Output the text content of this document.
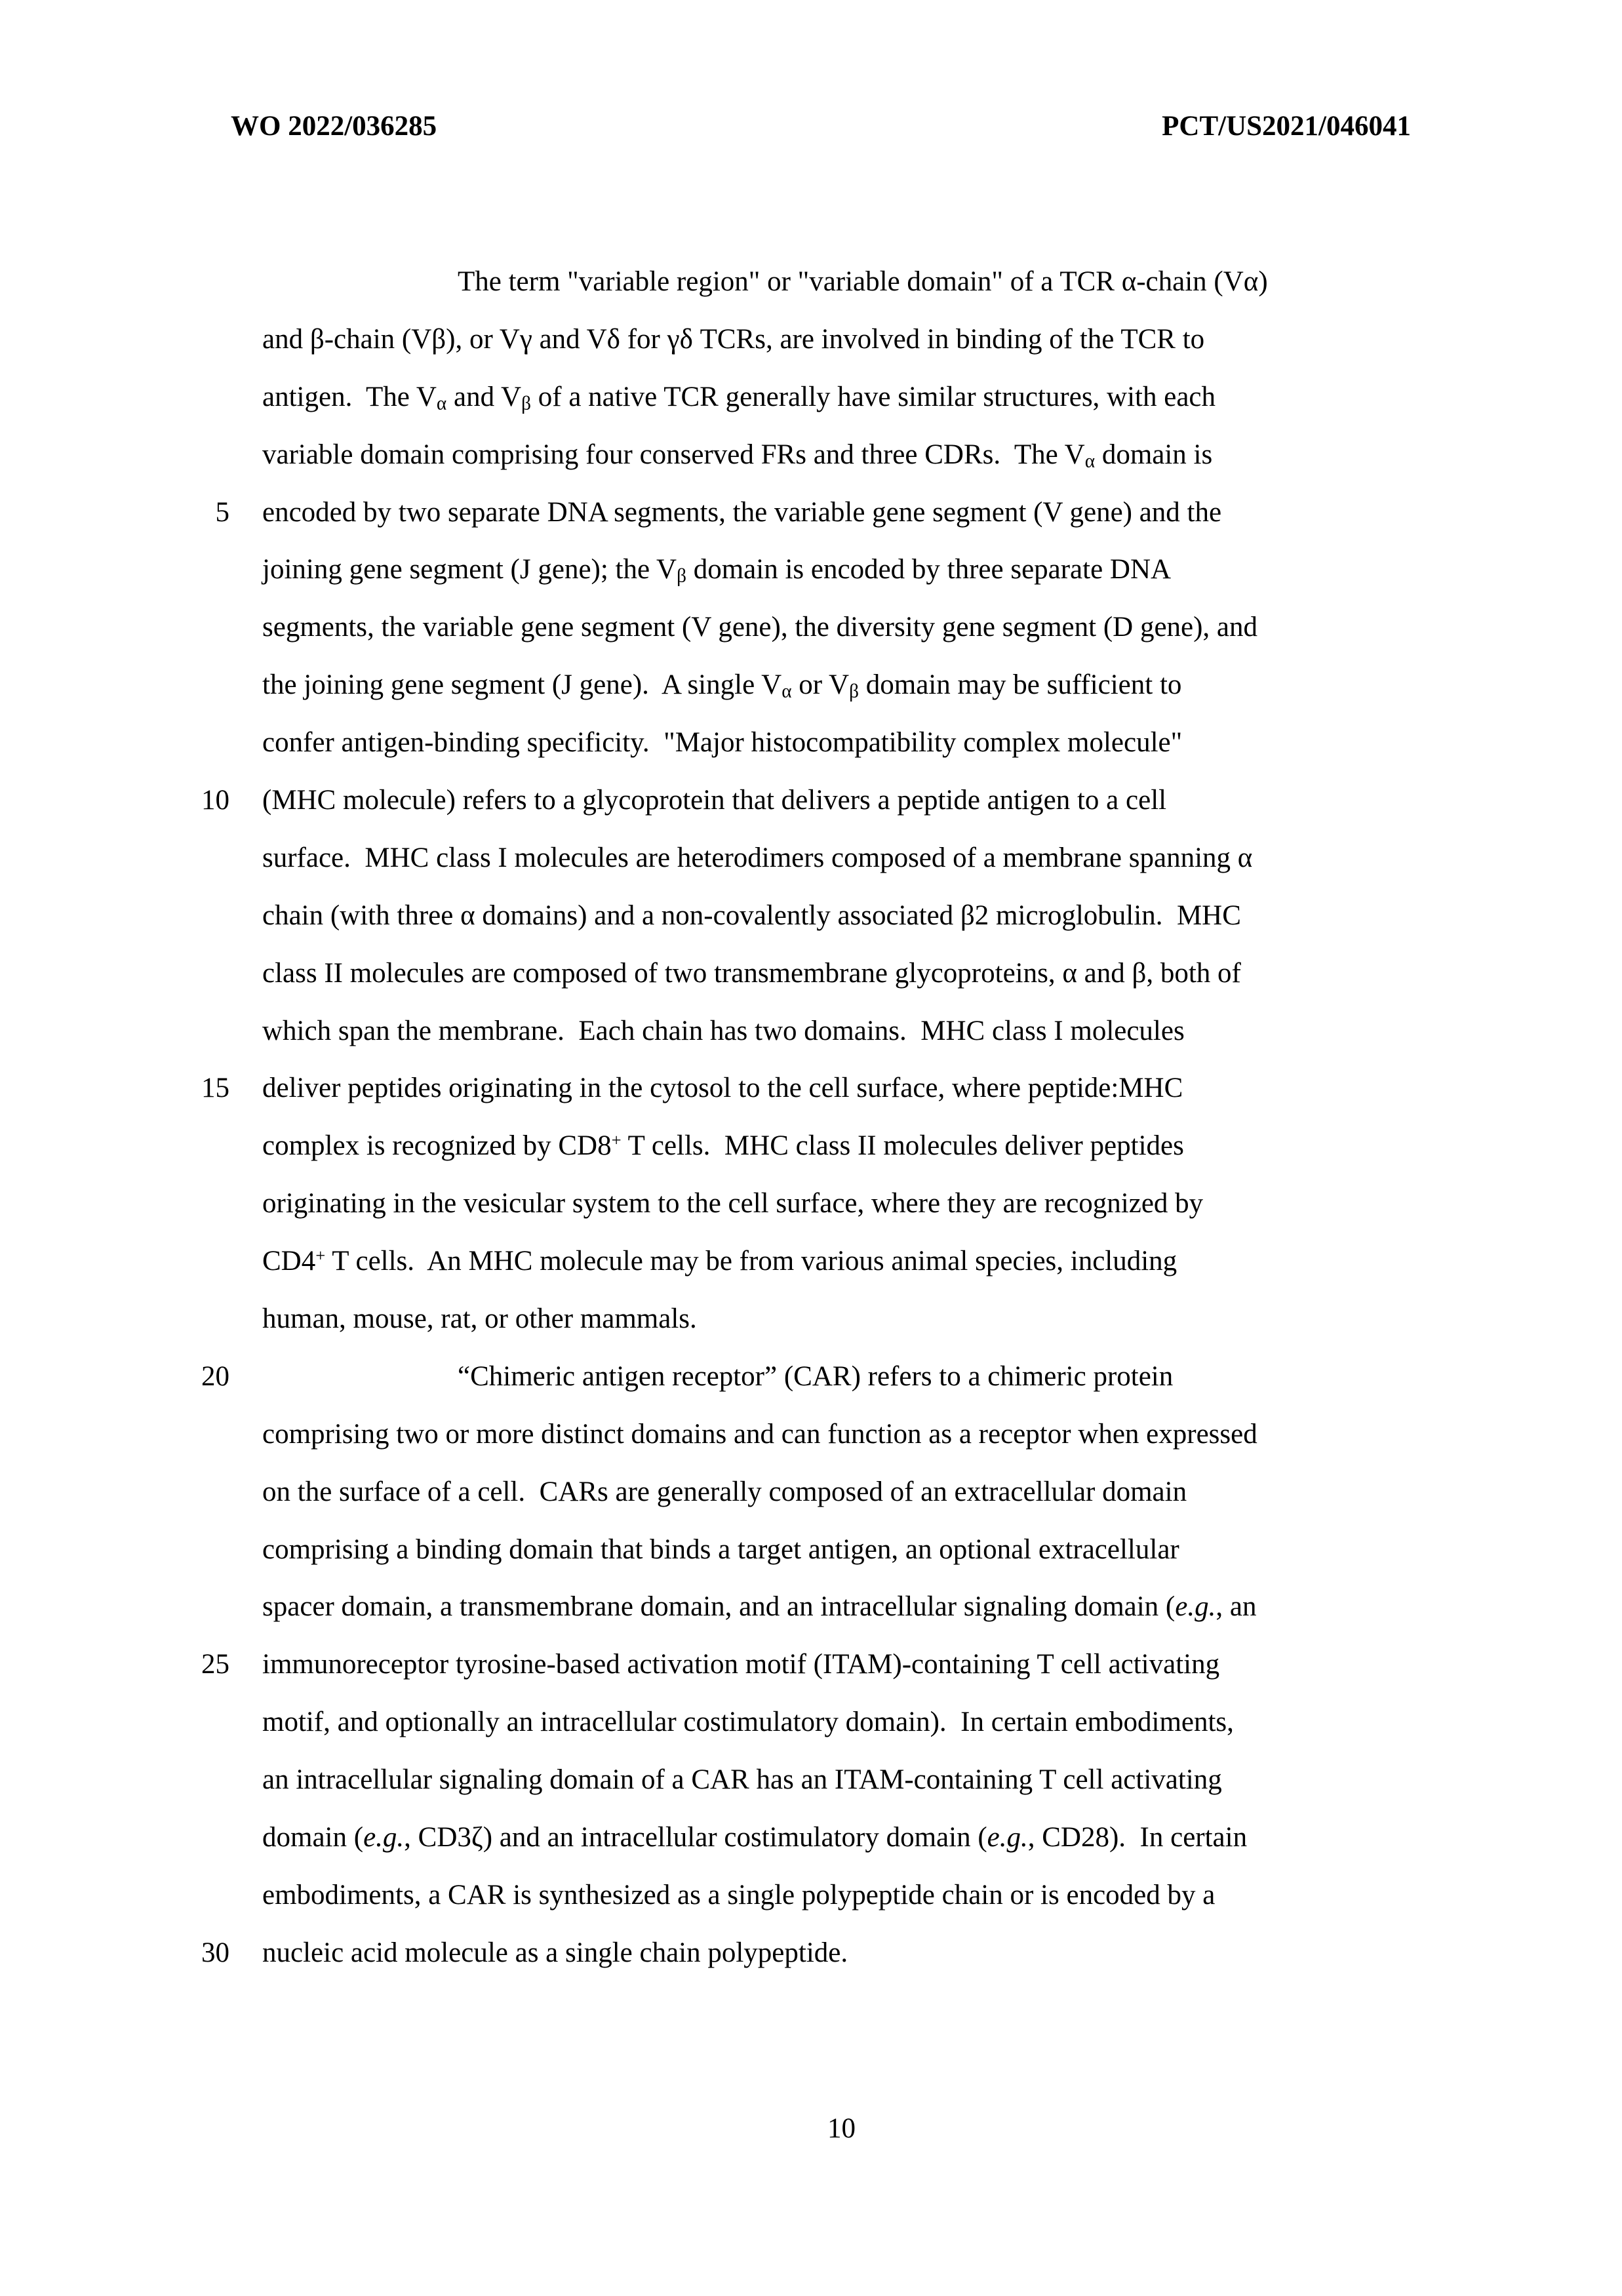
WO 2022/036285	PCT/US2021/046041
The term "variable region" or "variable domain" of a TCR α-chain (Vα)
and β-chain (Vβ), or Vγ and Vδ for γδ TCRs, are involved in binding of the TCR to
antigen.  The $V_\alpha$ and $V_\beta$ of a native TCR generally have similar structures, with each
variable domain comprising four conserved FRs and three CDRs.  The $V_\alpha$ domain is
5 encoded by two separate DNA segments, the variable gene segment (V gene) and the
joining gene segment (J gene); the $V_\beta$ domain is encoded by three separate DNA
segments, the variable gene segment (V gene), the diversity gene segment (D gene), and
the joining gene segment (J gene).  A single $V_\alpha$ or $V_\beta$ domain may be sufficient to
confer antigen-binding specificity.  "Major histocompatibility complex molecule"
10 (MHC molecule) refers to a glycoprotein that delivers a peptide antigen to a cell
surface.  MHC class I molecules are heterodimers composed of a membrane spanning α
chain (with three α domains) and a non-covalently associated β2 microglobulin.  MHC
class II molecules are composed of two transmembrane glycoproteins, α and β, both of
which span the membrane.  Each chain has two domains.  MHC class I molecules
15 deliver peptides originating in the cytosol to the cell surface, where peptide:MHC
complex is recognized by CD8+ T cells.  MHC class II molecules deliver peptides
originating in the vesicular system to the cell surface, where they are recognized by
CD4+ T cells.  An MHC molecule may be from various animal species, including
human, mouse, rat, or other mammals.
20	“Chimeric antigen receptor” (CAR) refers to a chimeric protein
comprising two or more distinct domains and can function as a receptor when expressed
on the surface of a cell.  CARs are generally composed of an extracellular domain
comprising a binding domain that binds a target antigen, an optional extracellular
spacer domain, a transmembrane domain, and an intracellular signaling domain (e.g., an
25 immunoreceptor tyrosine-based activation motif (ITAM)-containing T cell activating
motif, and optionally an intracellular costimulatory domain).  In certain embodiments,
an intracellular signaling domain of a CAR has an ITAM-containing T cell activating
domain (e.g., CD3ζ) and an intracellular costimulatory domain (e.g., CD28).  In certain
embodiments, a CAR is synthesized as a single polypeptide chain or is encoded by a
30 nucleic acid molecule as a single chain polypeptide.
10
